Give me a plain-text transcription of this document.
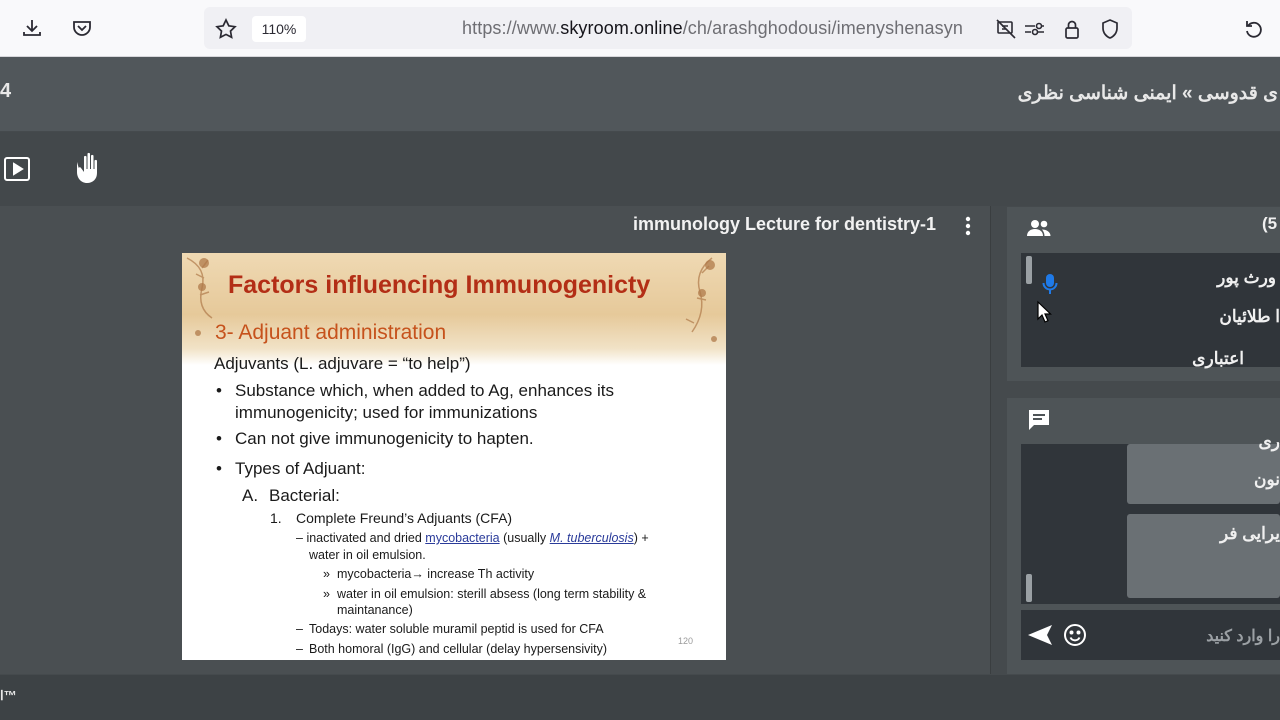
110%	https://www.skyroom.online/ch/arashghodousi/imenyshenasyn
4	ی قدوسی » ایمنی شناسی نظری
immunology Lecture for dentistry-1
Factors influencing Immunogenicty
3- Adjuant administration
Adjuvants (L. adjuvare = “to help”)
• Substance which, when added to Ag, enhances its
immunogenicity; used for immunizations
• Can not give immunogenicity to hapten.
• Types of Adjuant:
A. Bacterial:
1. Complete Freund’s Adjuants (CFA)
– inactivated and dried mycobacteria (usually M. tuberculosis) +
water in oil emulsion.
» mycobacteria→ increase Th activity
» water in oil emulsion: sterill absess (long term stability &
maintanance)
– Todays: water soluble muramil peptid is used for CFA
– Both homoral (IgG) and cellular (delay hypersensivity)
120
(5
ورث پور
ا طلائیان
اعتباری
ری
نون
یرایی فر
را وارد کنید
ا™
